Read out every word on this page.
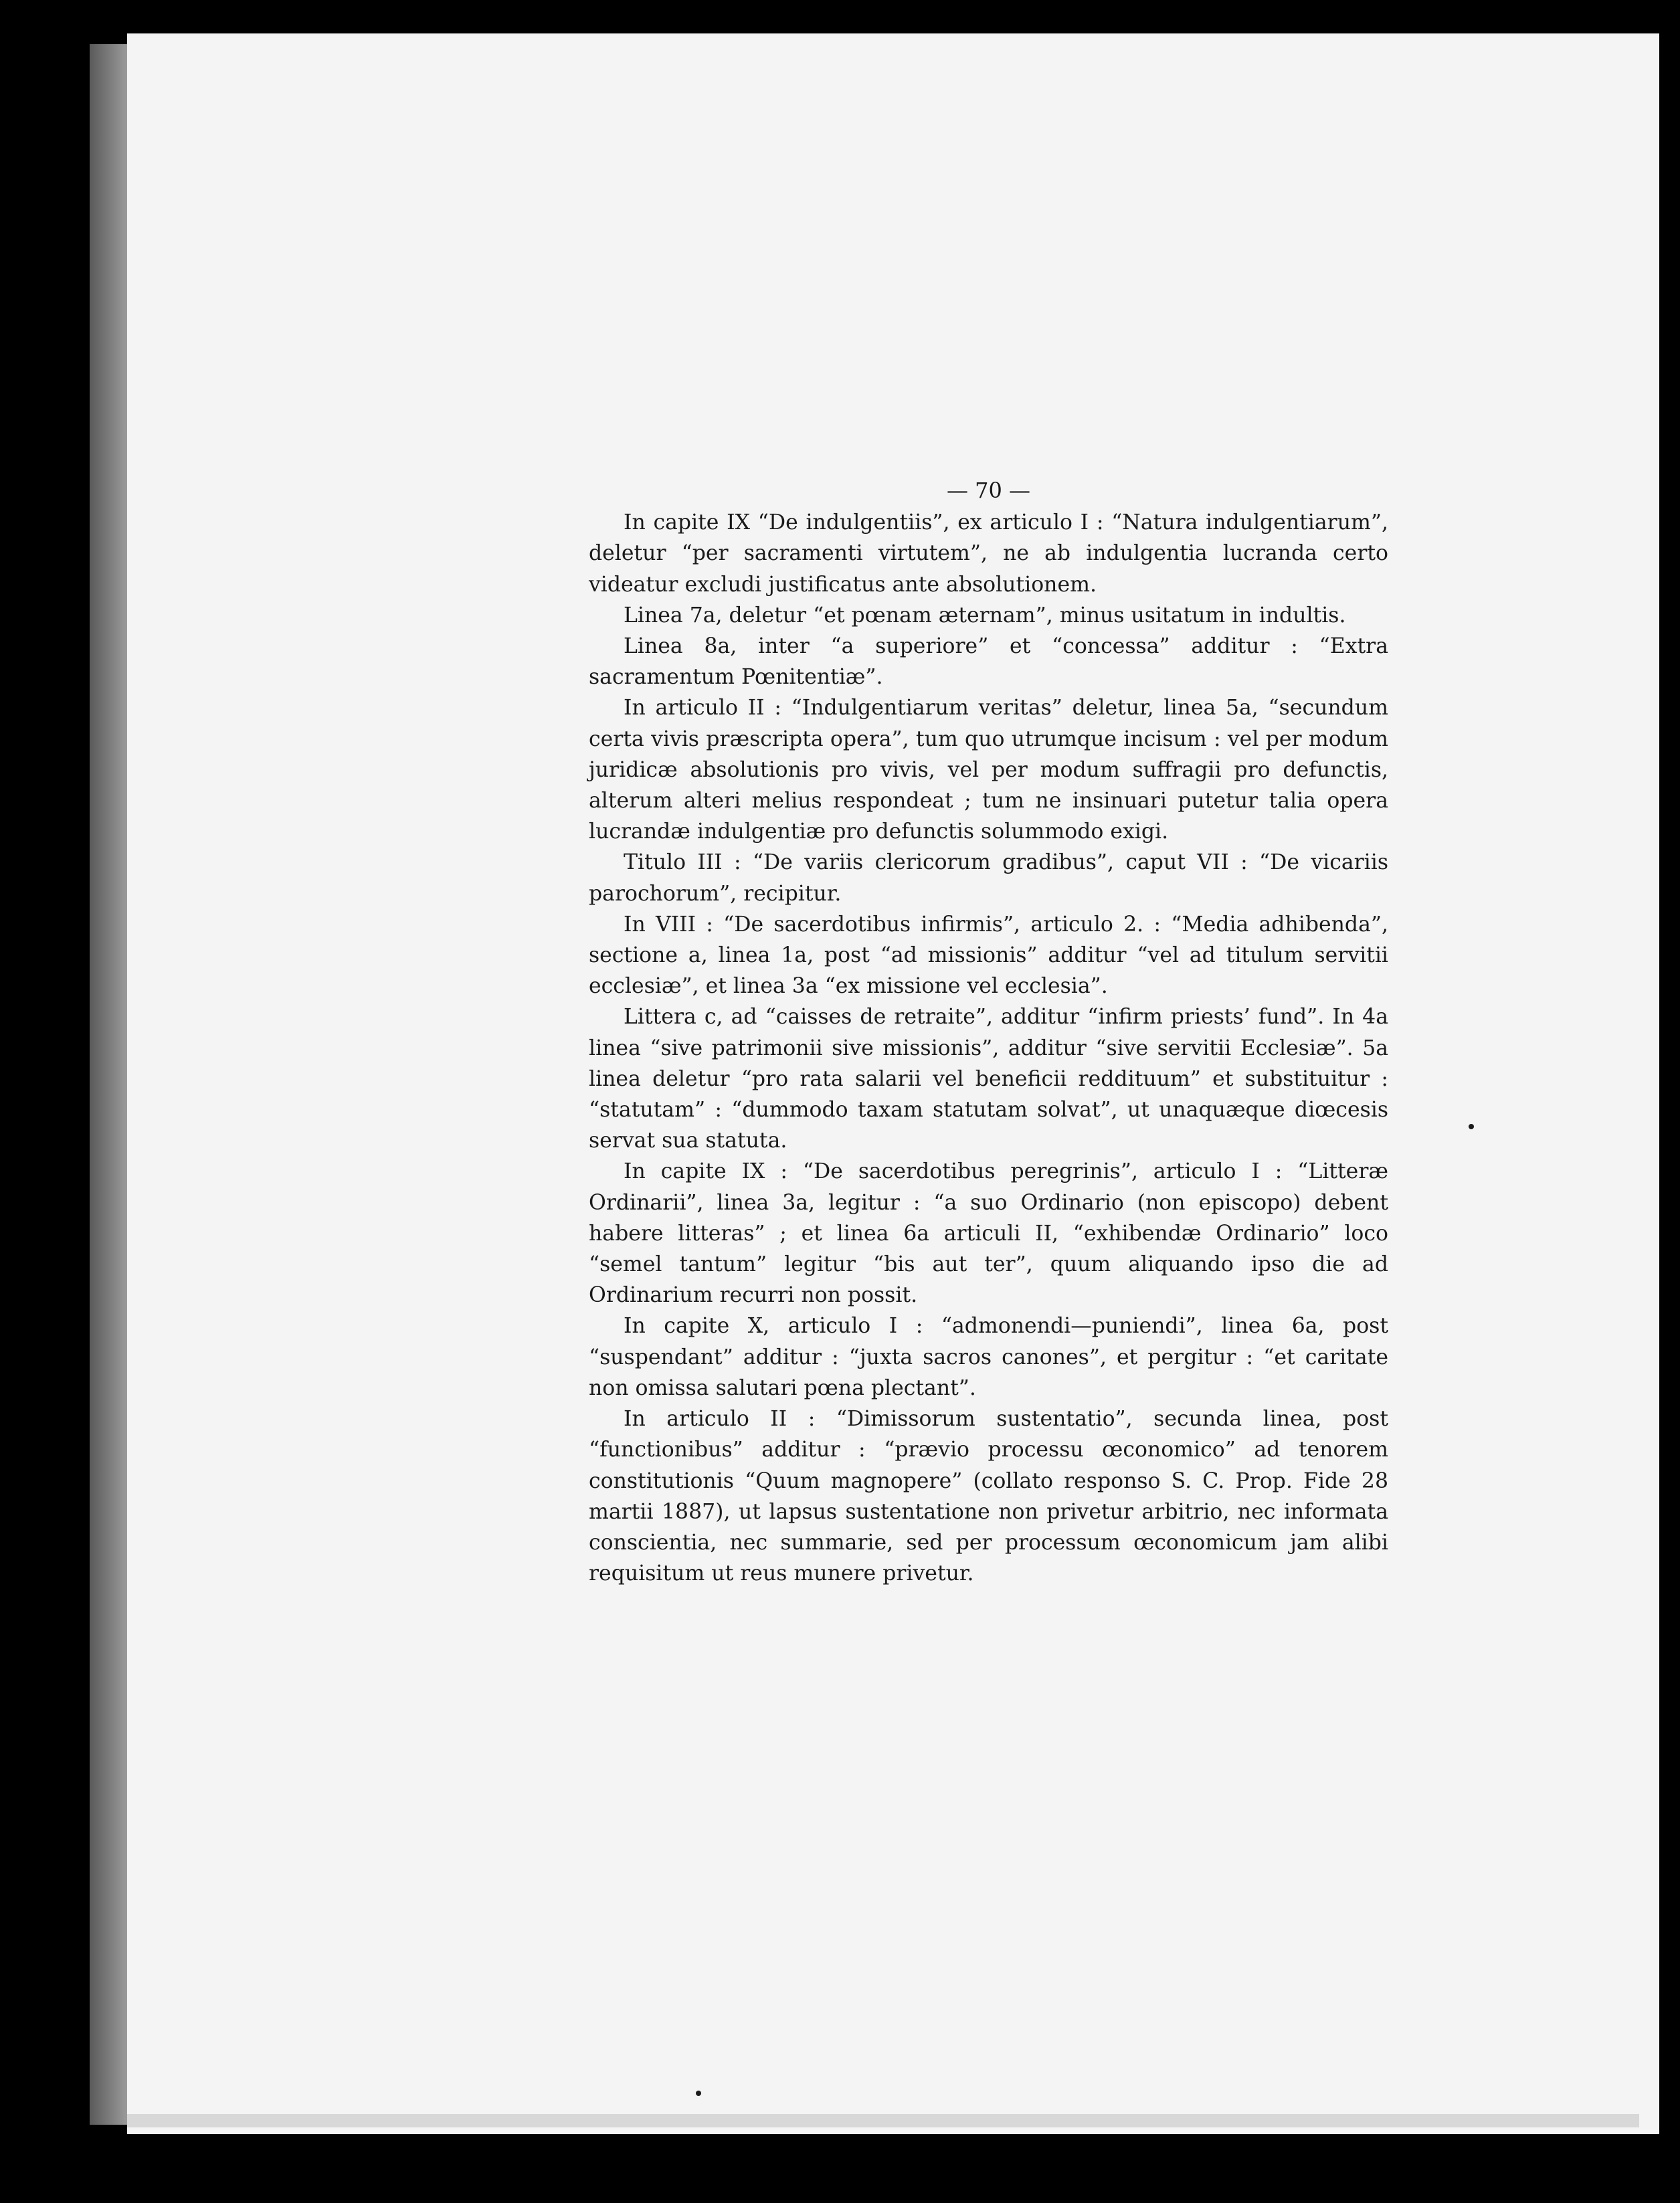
— 70 —

In capite IX “De indulgentiis”, ex articulo I : “Natura indulgentiarum”, deletur “per sacramenti virtutem”, ne ab indulgentia lucranda certo videatur excludi justificatus ante absolutionem.

Linea 7a, deletur “et pœnam æternam”, minus usitatum in indultis.

Linea 8a, inter “a superiore” et “concessa” additur : “Extra sacramentum Pœnitentiæ”.

In articulo II : “Indulgentiarum veritas” deletur, linea 5a, “secundum certa vivis præscripta opera”, tum quo utrumque incisum : vel per modum juridicæ absolutionis pro vivis, vel per modum suffragii pro defunctis, alterum alteri melius respondeat ; tum ne insinuari putetur talia opera lucrandæ indulgentiæ pro defunctis solummodo exigi.

Titulo III : “De variis clericorum gradibus”, caput VII : “De vicariis parochorum”, recipitur.

In VIII : “De sacerdotibus infirmis”, articulo 2. : “Media adhibenda”, sectione a, linea 1a, post “ad missionis” additur “vel ad titulum servitii ecclesiæ”, et linea 3a “ex missione vel ecclesia”.

Littera c, ad “caisses de retraite”, additur “infirm priests’ fund”. In 4a linea “sive patrimonii sive missionis”, additur “sive servitii Ecclesiæ”. 5a linea deletur “pro rata salarii vel beneficii reddituum” et substituitur : “statutam” : “dummodo taxam statutam solvat”, ut unaquæque diœcesis servat sua statuta.

In capite IX : “De sacerdotibus peregrinis”, articulo I : “Litteræ Ordinarii”, linea 3a, legitur : “a suo Ordinario (non episcopo) debent habere litteras” ; et linea 6a articuli II, “exhibendæ Ordinario” loco “semel tantum” legitur “bis aut ter”, quum aliquando ipso die ad Ordinarium recurri non possit.

In capite X, articulo I : “admonendi—puniendi”, linea 6a, post “suspendant” additur : “juxta sacros canones”, et pergitur : “et caritate non omissa salutari pœna plectant”.

In articulo II : “Dimissorum sustentatio”, secunda linea, post “functionibus” additur : “prævio processu œconomico” ad tenorem constitutionis “Quum magnopere” (collato responso S. C. Prop. Fide 28 martii 1887), ut lapsus sustentatione non privetur arbitrio, nec informata conscientia, nec summarie, sed per processum œconomicum jam alibi requisitum ut reus munere privetur.
